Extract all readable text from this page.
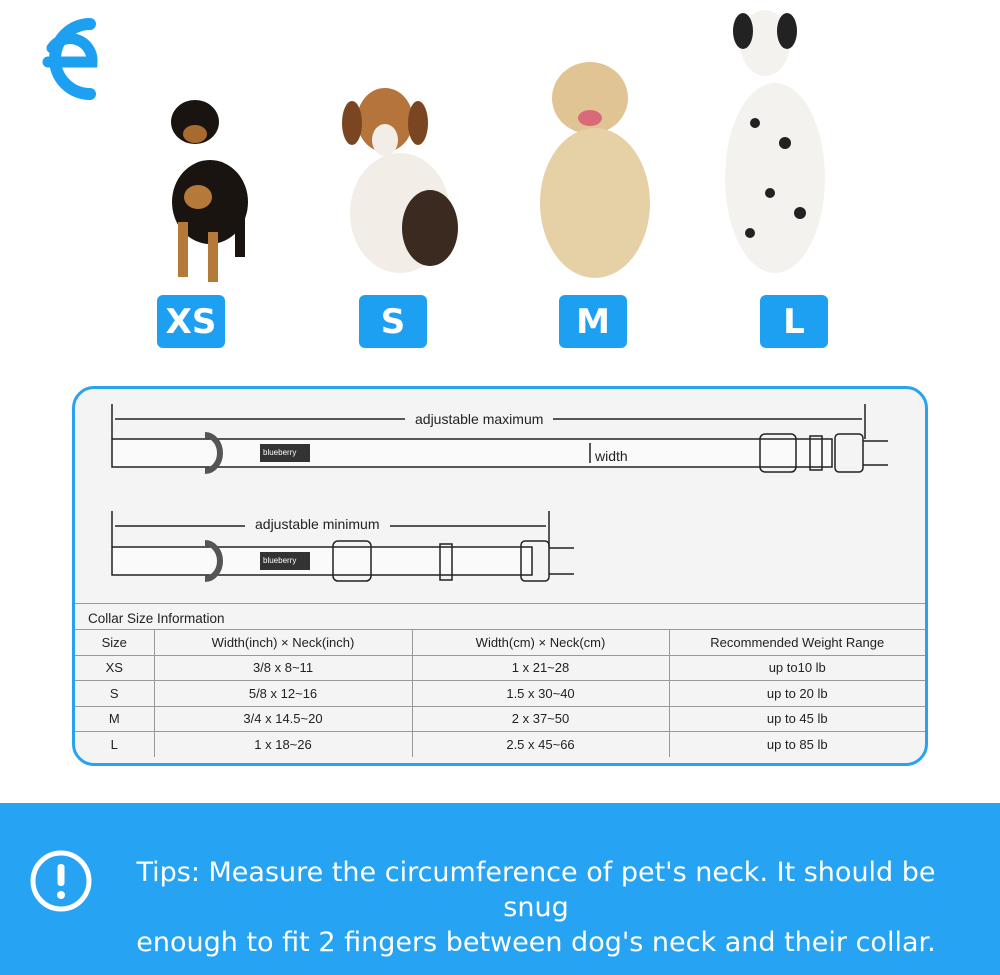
XS	S	M	L
adjustable maximum
adjustable minimum
width
blueberry
blueberry
Collar Size Information
Size	Width(inch) × Neck(inch)	Width(cm) × Neck(cm)	Recommended Weight Range
XS	3/8 x 8~11	1 x 21~28	up to10 lb
S	5/8 x 12~16	1.5 x 30~40	up to 20 lb
M	3/4 x 14.5~20	2 x 37~50	up to 45 lb
L	1 x 18~26	2.5 x 45~66	up to 85 lb
Tips: Measure the circumference of pet's neck. It should be snug
enough to fit 2 fingers between dog's neck and their collar.
